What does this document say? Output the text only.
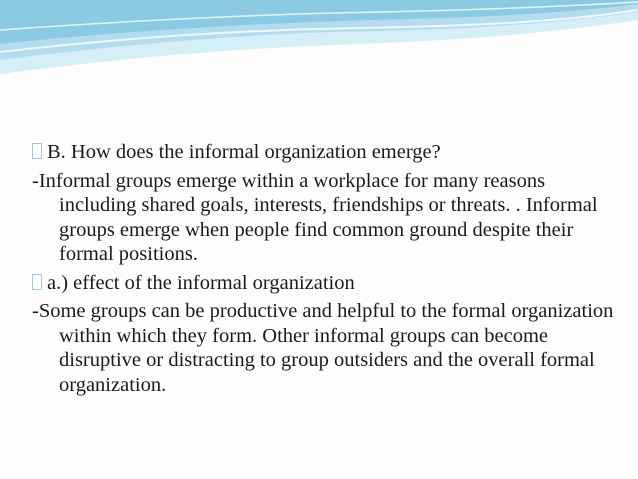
B. How does the informal organization emerge?

-Informal groups emerge within a workplace for many reasons including shared goals, interests, friendships or threats. . Informal groups emerge when people find common ground despite their formal positions.

a.) effect of the informal organization

-Some groups can be productive and helpful to the formal organization within which they form. Other informal groups can become disruptive or distracting to group outsiders and the overall formal organization.
